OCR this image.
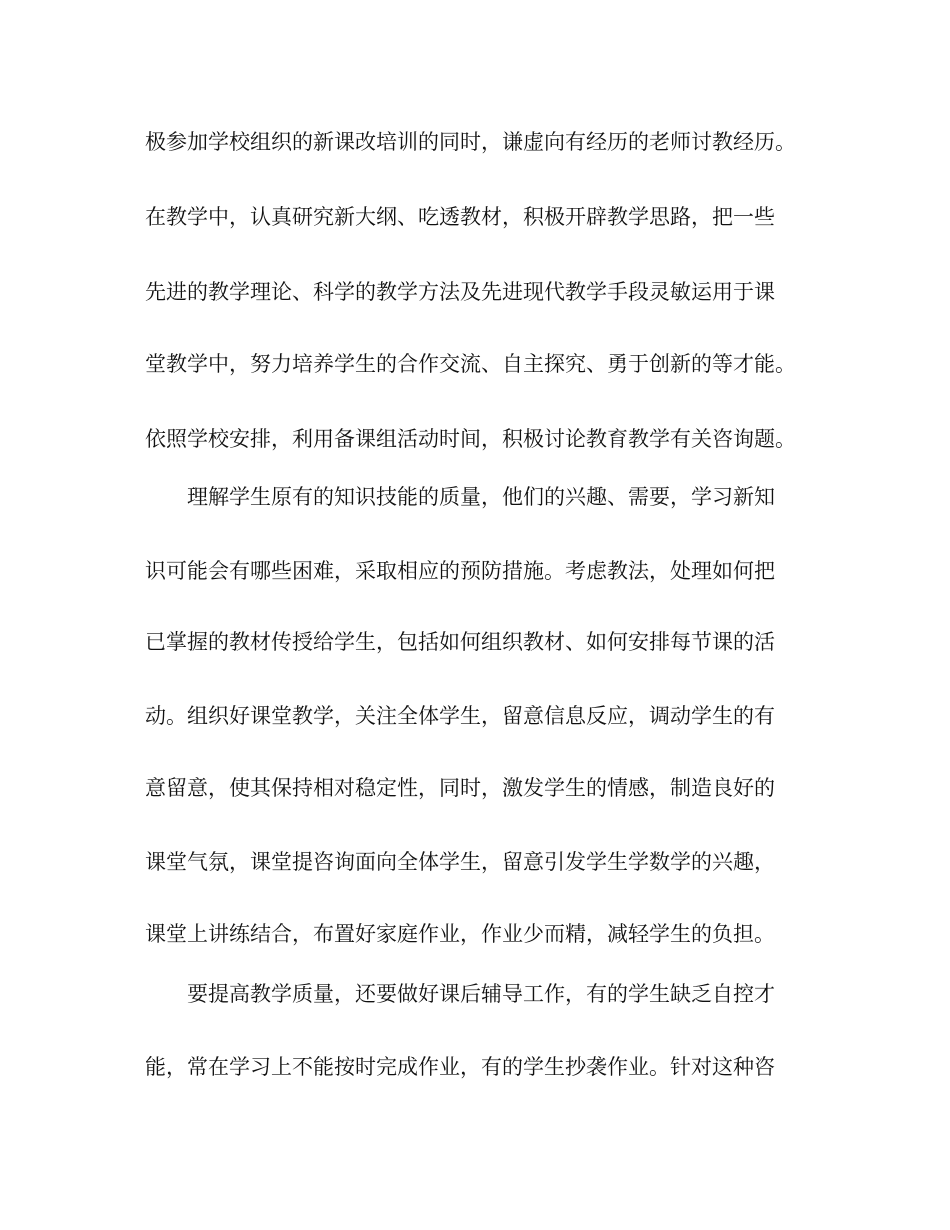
极参加学校组织的新课改培训的同时，谦虚向有经历的老师讨教经历。
在教学中，认真研究新大纲、吃透教材，积极开辟教学思路，把一些
先进的教学理论、科学的教学方法及先进现代教学手段灵敏运用于课
堂教学中，努力培养学生的合作交流、自主探究、勇于创新的等才能。
依照学校安排，利用备课组活动时间，积极讨论教育教学有关咨询题。
理解学生原有的知识技能的质量，他们的兴趣、需要，学习新知
识可能会有哪些困难，采取相应的预防措施。考虑教法，处理如何把
已掌握的教材传授给学生，包括如何组织教材、如何安排每节课的活
动。组织好课堂教学，关注全体学生，留意信息反应，调动学生的有
意留意，使其保持相对稳定性，同时，激发学生的情感，制造良好的
课堂气氛，课堂提咨询面向全体学生，留意引发学生学数学的兴趣，
课堂上讲练结合，布置好家庭作业，作业少而精，减轻学生的负担。
要提高教学质量，还要做好课后辅导工作，有的学生缺乏自控才
能，常在学习上不能按时完成作业，有的学生抄袭作业。针对这种咨
